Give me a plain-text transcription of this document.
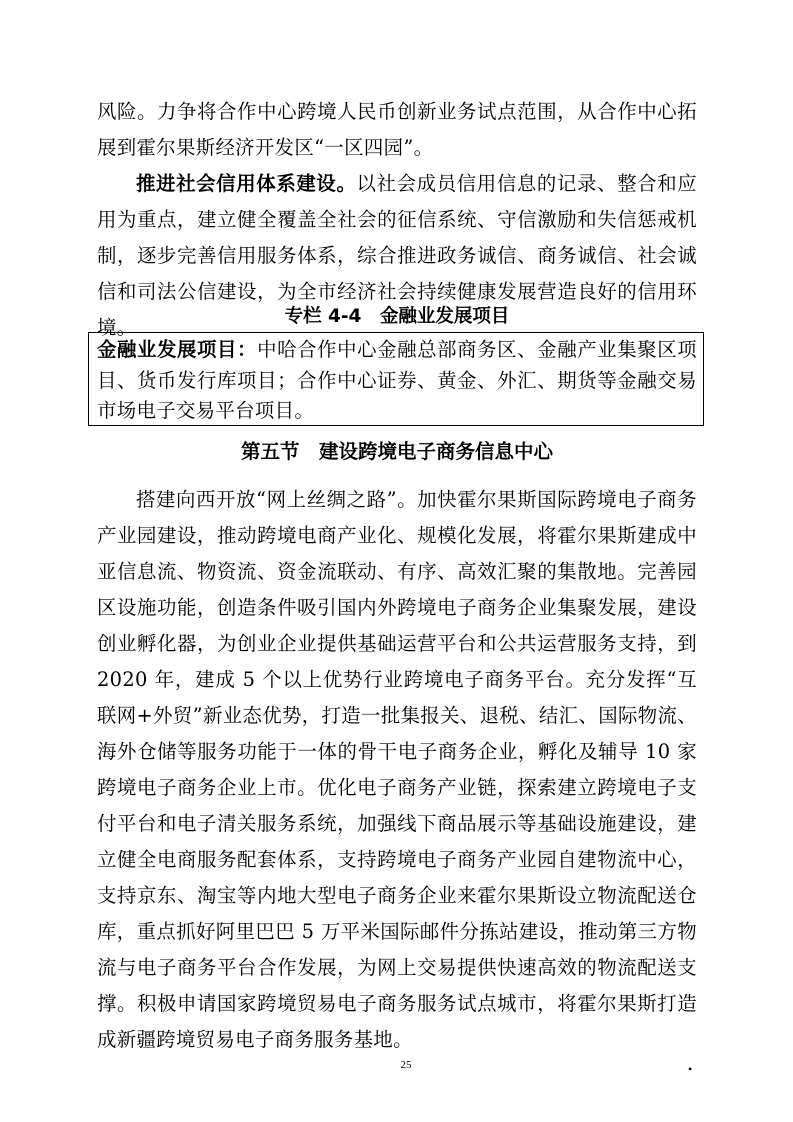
风险。力争将合作中心跨境人民币创新业务试点范围，从合作中心拓展到霍尔果斯经济开发区“一区四园”。

推进社会信用体系建设。以社会成员信用信息的记录、整合和应用为重点，建立健全覆盖全社会的征信系统、守信激励和失信惩戒机制，逐步完善信用服务体系，综合推进政务诚信、商务诚信、社会诚信和司法公信建设，为全市经济社会持续健康发展营造良好的信用环境。	专栏 4-4　金融业发展项目

金融业发展项目：中哈合作中心金融总部商务区、金融产业集聚区项目、货币发行库项目；合作中心证券、黄金、外汇、期货等金融交易市场电子交易平台项目。

第五节　建设跨境电子商务信息中心

搭建向西开放“网上丝绸之路”。加快霍尔果斯国际跨境电子商务产业园建设，推动跨境电商产业化、规模化发展，将霍尔果斯建成中亚信息流、物资流、资金流联动、有序、高效汇聚的集散地。完善园区设施功能，创造条件吸引国内外跨境电子商务企业集聚发展，建设创业孵化器，为创业企业提供基础运营平台和公共运营服务支持，到 2020 年，建成 5 个以上优势行业跨境电子商务平台。充分发挥“互联网+外贸”新业态优势，打造一批集报关、退税、结汇、国际物流、海外仓储等服务功能于一体的骨干电子商务企业，孵化及辅导 10 家跨境电子商务企业上市。优化电子商务产业链，探索建立跨境电子支付平台和电子清关服务系统，加强线下商品展示等基础设施建设，建立健全电商服务配套体系，支持跨境电子商务产业园自建物流中心，支持京东、淘宝等内地大型电子商务企业来霍尔果斯设立物流配送仓库，重点抓好阿里巴巴 5 万平米国际邮件分拣站建设，推动第三方物流与电子商务平台合作发展，为网上交易提供快速高效的物流配送支撑。积极申请国家跨境贸易电子商务服务试点城市，将霍尔果斯打造成新疆跨境贸易电子商务服务基地。

25	•
